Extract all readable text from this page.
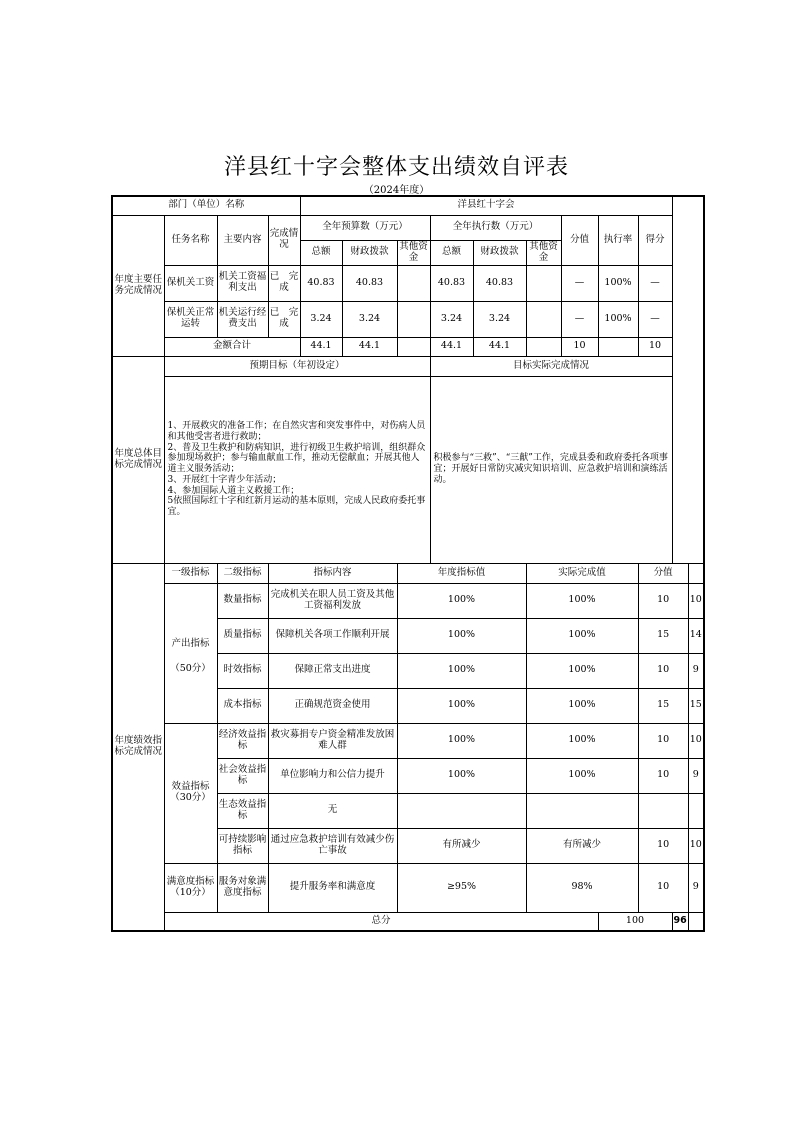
洋县红十字会整体支出绩效自评表
（2024年度）
部门（单位）名称				洋县红十字会										
年度主要任务完成情况	任务名称	主要内容	完成情况	全年预算数（万元）			全年执行数（万元）			分值	执行率	得分		
				总额	财政拨款	其他资金	总额	财政拨款	其他资金					
	保机关工资	机关工资福利支出	已　完成	40.83	40.83		40.83	40.83		—	100%	—		
	保机关正常运转	机关运行经费支出	已　完成	3.24	3.24		3.24	3.24		—	100%	—		
	金额合计			44.1	44.1		44.1	44.1		10		10		

年度总体目标完成情况	预期目标（年初设定）						目标实际完成情况							

	1、开展救灾的准备工作；在自然灾害和突发事件中，对伤病人员和其他受害者进行救助；
2、普及卫生救护和防病知识，进行初级卫生救护培训，组织群众参加现场救护；参与输血献血工作，推动无偿献血；开展其他人道主义服务活动；
3、开展红十字青少年活动；
4、参加国际人道主义救援工作；
5依照国际红十字和红新月运动的基本原则，完成人民政府委托事宜。						积极参与“三救”、“三献”工作，完成县委和政府委托各项事宜；开展好日常防灾减灾知识培训、应急救护培训和演练活动。							

年度绩效指标完成情况	一级指标	二级指标	指标内容			年度指标值			实际完成值			分值		

	产出指标
（50分）	数量指标	完成机关在职人员工资及其他工资福利发放			100%			100%			10		10
		质量指标	保障机关各项工作顺利开展			100%			100%			15		14
		时效指标	保障正常支出进度			100%			100%			10		9
		成本指标	正确规范资金使用			100%			100%			15		15

	效益指标
（30分）	经济效益指标	救灾募捐专户资金精准发放困难人群			100%			100%			10		10
		社会效益指标	单位影响力和公信力提升			100%			100%			10		9
		生态效益指标	无											
		可持续影响指标	通过应急救护培训有效减少伤亡事故			有所减少			有所减少			10		10

	满意度指标
（10分）	服务对象满意度指标	提升服务率和满意度			≥95%			98%			10		9
	总分										100		96	
